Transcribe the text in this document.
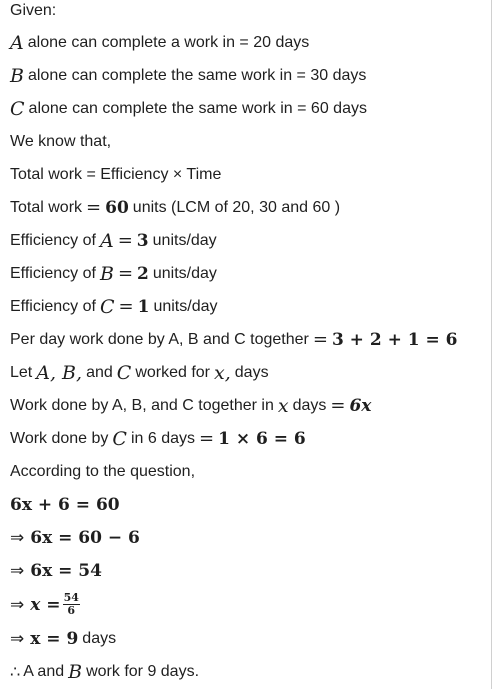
Given:
A alone can complete a work in = 20 days
B alone can complete the same work in = 30 days
C alone can complete the same work in = 60 days
We know that,
Total work = Efficiency × Time
Total work = 60 units (LCM of 20, 30 and 60 )
Efficiency of A = 3 units/day
Efficiency of B = 2 units/day
Efficiency of C = 1 units/day
Per day work done by A, B and C together = 3 + 2 + 1 = 6
Let A, B, and C worked for x, days
Work done by A, B, and C together in x days = 6x
Work done by C in 6 days = 1 × 6 = 6
According to the question,
6x + 6 = 60
⇒ 6x = 60 − 6
⇒ 6x = 54
⇒ $x = \frac{54}{6}$
⇒ x = 9 days
∴ A and B work for 9 days.
